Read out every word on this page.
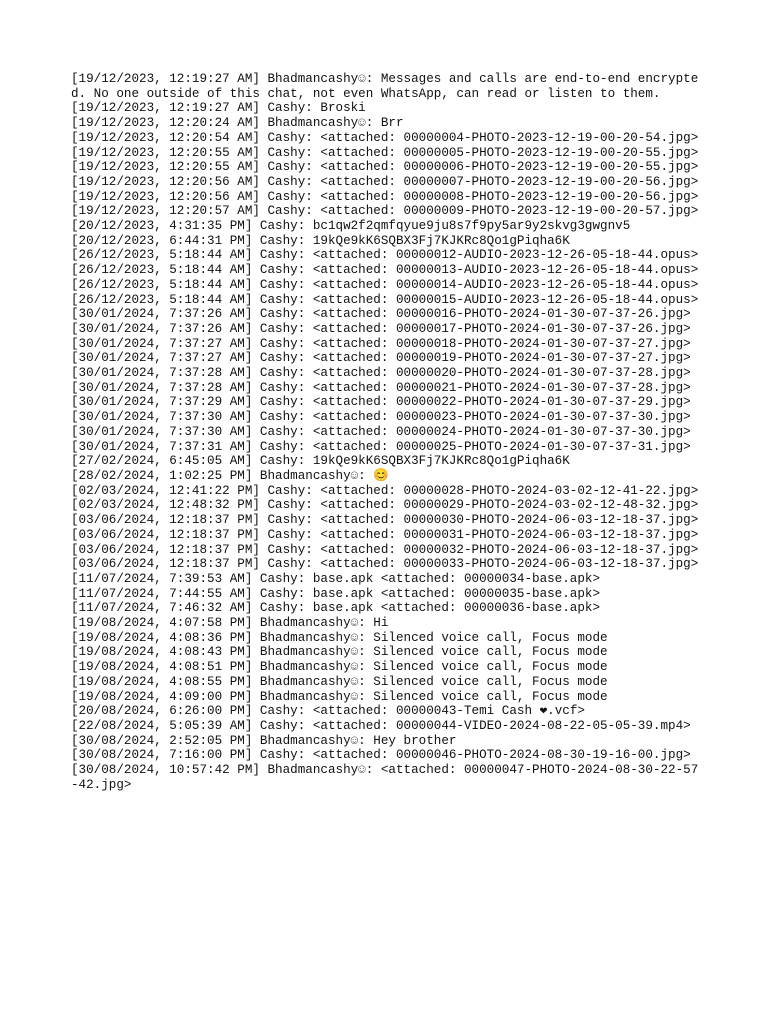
[19/12/2023, 12:19:27 AM] Bhadmancashy☺: Messages and calls are end-to-end encrypted. No one outside of this chat, not even WhatsApp, can read or listen to them.
[19/12/2023, 12:19:27 AM] Cashy: Broski
[19/12/2023, 12:20:24 AM] Bhadmancashy☺: Brr
[19/12/2023, 12:20:54 AM] Cashy: <attached: 00000004-PHOTO-2023-12-19-00-20-54.jpg>
[19/12/2023, 12:20:55 AM] Cashy: <attached: 00000005-PHOTO-2023-12-19-00-20-55.jpg>
[19/12/2023, 12:20:55 AM] Cashy: <attached: 00000006-PHOTO-2023-12-19-00-20-55.jpg>
[19/12/2023, 12:20:56 AM] Cashy: <attached: 00000007-PHOTO-2023-12-19-00-20-56.jpg>
[19/12/2023, 12:20:56 AM] Cashy: <attached: 00000008-PHOTO-2023-12-19-00-20-56.jpg>
[19/12/2023, 12:20:57 AM] Cashy: <attached: 00000009-PHOTO-2023-12-19-00-20-57.jpg>
[20/12/2023, 4:31:35 PM] Cashy: bc1qw2f2qmfqyue9ju8s7f9py5ar9y2skvg3gwgnv5
[20/12/2023, 6:44:31 PM] Cashy: 19kQe9kK6SQBX3Fj7KJKRc8Qo1gPiqha6K
[26/12/2023, 5:18:44 AM] Cashy: <attached: 00000012-AUDIO-2023-12-26-05-18-44.opus>
[26/12/2023, 5:18:44 AM] Cashy: <attached: 00000013-AUDIO-2023-12-26-05-18-44.opus>
[26/12/2023, 5:18:44 AM] Cashy: <attached: 00000014-AUDIO-2023-12-26-05-18-44.opus>
[26/12/2023, 5:18:44 AM] Cashy: <attached: 00000015-AUDIO-2023-12-26-05-18-44.opus>
[30/01/2024, 7:37:26 AM] Cashy: <attached: 00000016-PHOTO-2024-01-30-07-37-26.jpg>
[30/01/2024, 7:37:26 AM] Cashy: <attached: 00000017-PHOTO-2024-01-30-07-37-26.jpg>
[30/01/2024, 7:37:27 AM] Cashy: <attached: 00000018-PHOTO-2024-01-30-07-37-27.jpg>
[30/01/2024, 7:37:27 AM] Cashy: <attached: 00000019-PHOTO-2024-01-30-07-37-27.jpg>
[30/01/2024, 7:37:28 AM] Cashy: <attached: 00000020-PHOTO-2024-01-30-07-37-28.jpg>
[30/01/2024, 7:37:28 AM] Cashy: <attached: 00000021-PHOTO-2024-01-30-07-37-28.jpg>
[30/01/2024, 7:37:29 AM] Cashy: <attached: 00000022-PHOTO-2024-01-30-07-37-29.jpg>
[30/01/2024, 7:37:30 AM] Cashy: <attached: 00000023-PHOTO-2024-01-30-07-37-30.jpg>
[30/01/2024, 7:37:30 AM] Cashy: <attached: 00000024-PHOTO-2024-01-30-07-37-30.jpg>
[30/01/2024, 7:37:31 AM] Cashy: <attached: 00000025-PHOTO-2024-01-30-07-37-31.jpg>
[27/02/2024, 6:45:05 AM] Cashy: 19kQe9kK6SQBX3Fj7KJKRc8Qo1gPiqha6K
[28/02/2024, 1:02:25 PM] Bhadmancashy☺: 😊
[02/03/2024, 12:41:22 PM] Cashy: <attached: 00000028-PHOTO-2024-03-02-12-41-22.jpg>
[02/03/2024, 12:48:32 PM] Cashy: <attached: 00000029-PHOTO-2024-03-02-12-48-32.jpg>
[03/06/2024, 12:18:37 PM] Cashy: <attached: 00000030-PHOTO-2024-06-03-12-18-37.jpg>
[03/06/2024, 12:18:37 PM] Cashy: <attached: 00000031-PHOTO-2024-06-03-12-18-37.jpg>
[03/06/2024, 12:18:37 PM] Cashy: <attached: 00000032-PHOTO-2024-06-03-12-18-37.jpg>
[03/06/2024, 12:18:37 PM] Cashy: <attached: 00000033-PHOTO-2024-06-03-12-18-37.jpg>
[11/07/2024, 7:39:53 AM] Cashy: base.apk <attached: 00000034-base.apk>
[11/07/2024, 7:44:55 AM] Cashy: base.apk <attached: 00000035-base.apk>
[11/07/2024, 7:46:32 AM] Cashy: base.apk <attached: 00000036-base.apk>
[19/08/2024, 4:07:58 PM] Bhadmancashy☺: Hi
[19/08/2024, 4:08:36 PM] Bhadmancashy☺: Silenced voice call, Focus mode
[19/08/2024, 4:08:43 PM] Bhadmancashy☺: Silenced voice call, Focus mode
[19/08/2024, 4:08:51 PM] Bhadmancashy☺: Silenced voice call, Focus mode
[19/08/2024, 4:08:55 PM] Bhadmancashy☺: Silenced voice call, Focus mode
[19/08/2024, 4:09:00 PM] Bhadmancashy☺: Silenced voice call, Focus mode
[20/08/2024, 6:26:00 PM] Cashy: <attached: 00000043-Temi Cash ❤.vcf>
[22/08/2024, 5:05:39 AM] Cashy: <attached: 00000044-VIDEO-2024-08-22-05-05-39.mp4>
[30/08/2024, 2:52:05 PM] Bhadmancashy☺: Hey brother
[30/08/2024, 7:16:00 PM] Cashy: <attached: 00000046-PHOTO-2024-08-30-19-16-00.jpg>
[30/08/2024, 10:57:42 PM] Bhadmancashy☺: <attached: 00000047-PHOTO-2024-08-30-22-57-42.jpg>
